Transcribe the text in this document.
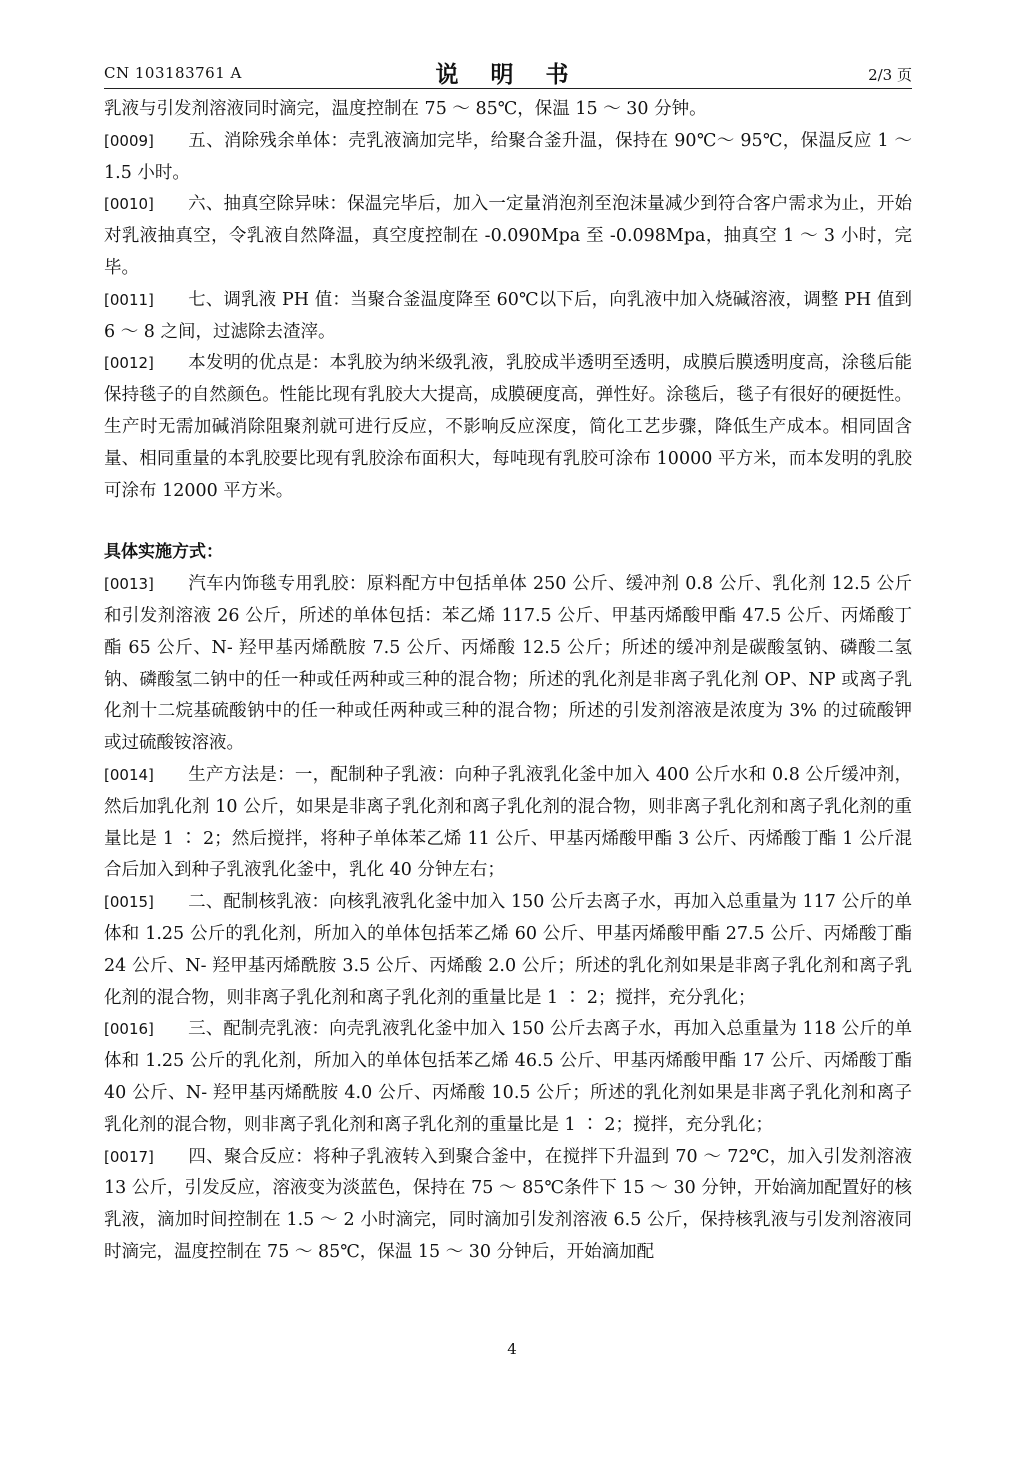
CN 103183761 A	说 明 书	2/3 页

乳液与引发剂溶液同时滴完，温度控制在 75 ～ 85℃，保温 15 ～ 30 分钟。

[0009] 五、消除残余单体：壳乳液滴加完毕，给聚合釜升温，保持在 90℃～ 95℃，保温反应 1 ～ 1.5 小时。

[0010] 六、抽真空除异味：保温完毕后，加入一定量消泡剂至泡沫量减少到符合客户需求为止，开始对乳液抽真空，令乳液自然降温，真空度控制在 -0.090Mpa 至 -0.098Mpa，抽真空 1 ～ 3 小时，完毕。

[0011] 七、调乳液 PH 值：当聚合釜温度降至 60℃以下后，向乳液中加入烧碱溶液，调整 PH 值到 6 ～ 8 之间，过滤除去渣滓。

[0012] 本发明的优点是：本乳胶为纳米级乳液，乳胶成半透明至透明，成膜后膜透明度高，涂毯后能保持毯子的自然颜色。性能比现有乳胶大大提高，成膜硬度高，弹性好。涂毯后，毯子有很好的硬挺性。生产时无需加碱消除阻聚剂就可进行反应，不影响反应深度，简化工艺步骤，降低生产成本。相同固含量、相同重量的本乳胶要比现有乳胶涂布面积大，每吨现有乳胶可涂布 10000 平方米，而本发明的乳胶可涂布 12000 平方米。

具体实施方式：

[0013] 汽车内饰毯专用乳胶：原料配方中包括单体 250 公斤、缓冲剂 0.8 公斤、乳化剂 12.5 公斤和引发剂溶液 26 公斤，所述的单体包括：苯乙烯 117.5 公斤、甲基丙烯酸甲酯 47.5 公斤、丙烯酸丁酯 65 公斤、N- 羟甲基丙烯酰胺 7.5 公斤、丙烯酸 12.5 公斤；所述的缓冲剂是碳酸氢钠、磷酸二氢钠、磷酸氢二钠中的任一种或任两种或三种的混合物；所述的乳化剂是非离子乳化剂 OP、NP 或离子乳化剂十二烷基硫酸钠中的任一种或任两种或三种的混合物；所述的引发剂溶液是浓度为 3% 的过硫酸钾或过硫酸铵溶液。

[0014] 生产方法是：一，配制种子乳液：向种子乳液乳化釜中加入 400 公斤水和 0.8 公斤缓冲剂，然后加乳化剂 10 公斤，如果是非离子乳化剂和离子乳化剂的混合物，则非离子乳化剂和离子乳化剂的重量比是 1 ∶ 2；然后搅拌，将种子单体苯乙烯 11 公斤、甲基丙烯酸甲酯 3 公斤、丙烯酸丁酯 1 公斤混合后加入到种子乳液乳化釜中，乳化 40 分钟左右；

[0015] 二、配制核乳液：向核乳液乳化釜中加入 150 公斤去离子水，再加入总重量为 117 公斤的单体和 1.25 公斤的乳化剂，所加入的单体包括苯乙烯 60 公斤、甲基丙烯酸甲酯 27.5 公斤、丙烯酸丁酯 24 公斤、N- 羟甲基丙烯酰胺 3.5 公斤、丙烯酸 2.0 公斤；所述的乳化剂如果是非离子乳化剂和离子乳化剂的混合物，则非离子乳化剂和离子乳化剂的重量比是 1 ∶ 2；搅拌，充分乳化；

[0016] 三、配制壳乳液：向壳乳液乳化釜中加入 150 公斤去离子水，再加入总重量为 118 公斤的单体和 1.25 公斤的乳化剂，所加入的单体包括苯乙烯 46.5 公斤、甲基丙烯酸甲酯 17 公斤、丙烯酸丁酯 40 公斤、N- 羟甲基丙烯酰胺 4.0 公斤、丙烯酸 10.5 公斤；所述的乳化剂如果是非离子乳化剂和离子乳化剂的混合物，则非离子乳化剂和离子乳化剂的重量比是 1 ∶ 2；搅拌，充分乳化；

[0017] 四、聚合反应：将种子乳液转入到聚合釜中，在搅拌下升温到 70 ～ 72℃，加入引发剂溶液 13 公斤，引发反应，溶液变为淡蓝色，保持在 75 ～ 85℃条件下 15 ～ 30 分钟，开始滴加配置好的核乳液，滴加时间控制在 1.5 ～ 2 小时滴完，同时滴加引发剂溶液 6.5 公斤，保持核乳液与引发剂溶液同时滴完，温度控制在 75 ～ 85℃，保温 15 ～ 30 分钟后，开始滴加配

4
